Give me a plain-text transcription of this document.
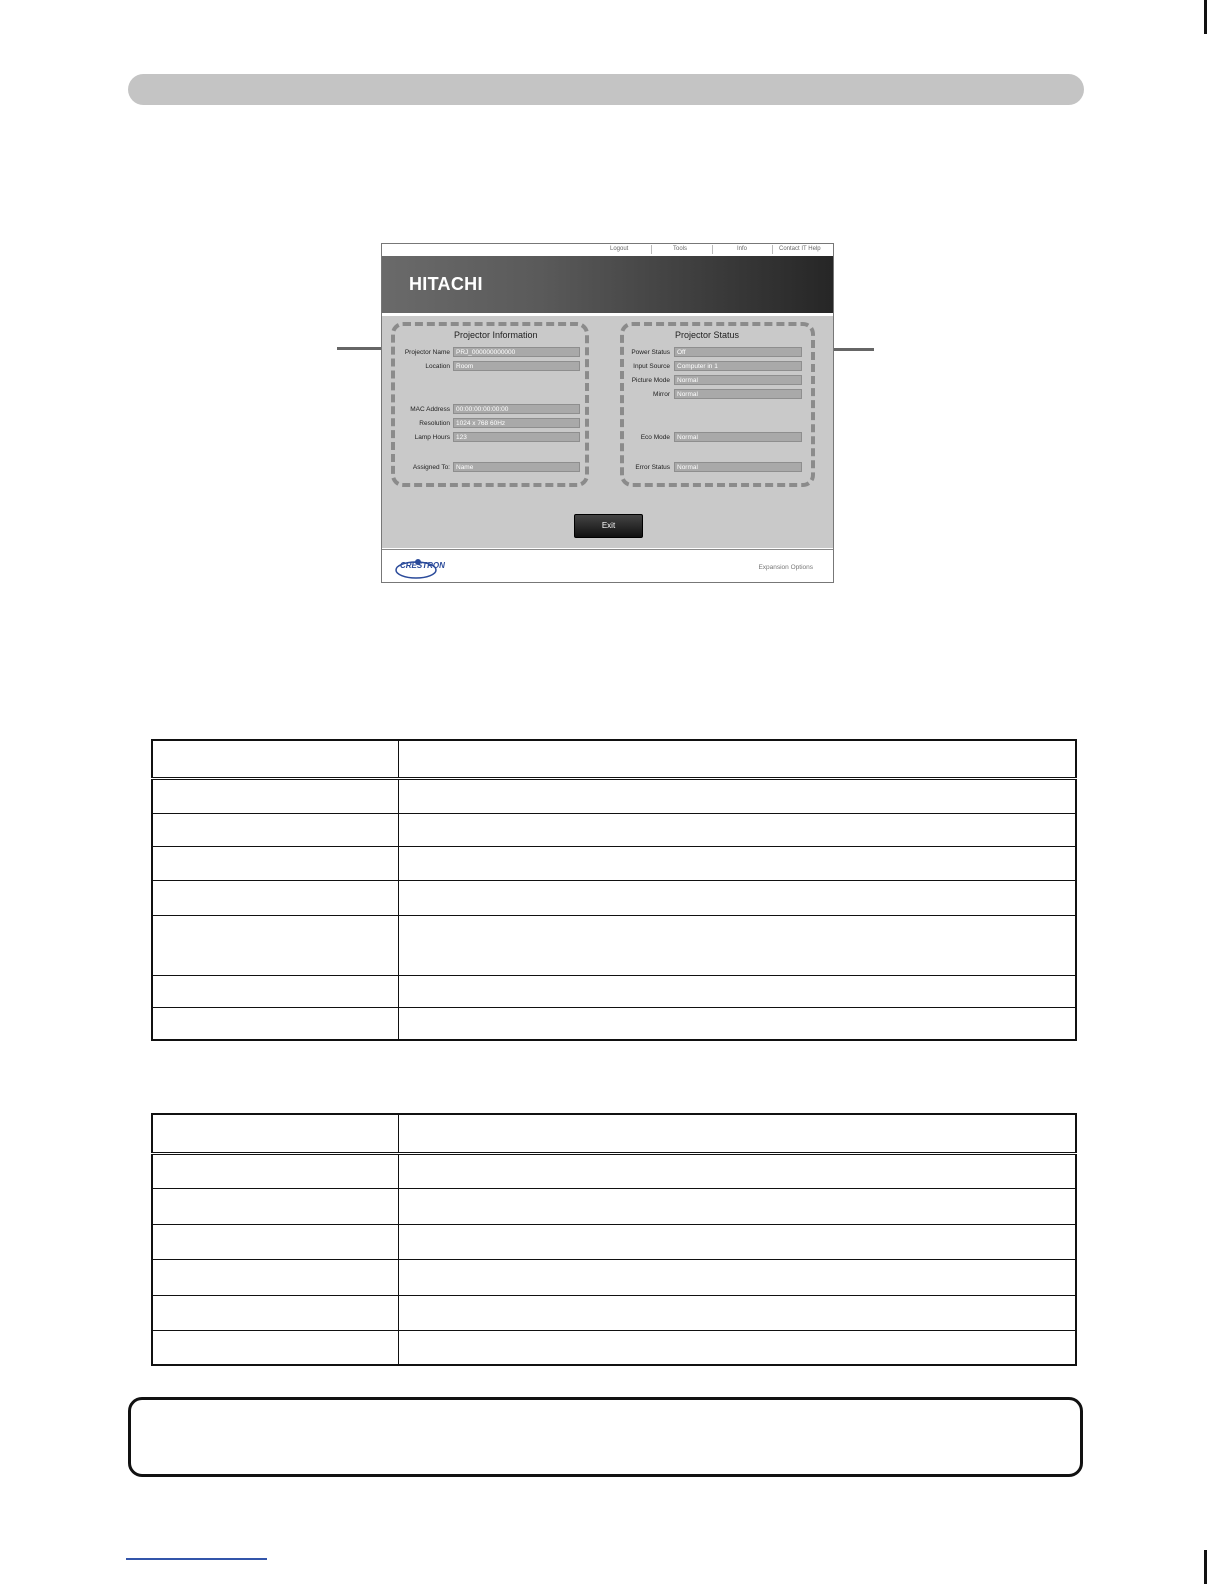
Logout	Tools	Info	Contact IT Help
HITACHI
Projector Information
Projector Name PRJ_000000000000
Location Room
MAC Address 00:00:00:00:00:00
Resolution 1024 x 768 60Hz
Lamp Hours 123
Assigned To: Name
Projector Status
Power Status	Off
Input Source	Computer in 1
Picture Mode	Normal
Mirror	Normal
Eco Mode	Normal
Error Status	Normal
Exit
CRESTRON	Expansion Options
